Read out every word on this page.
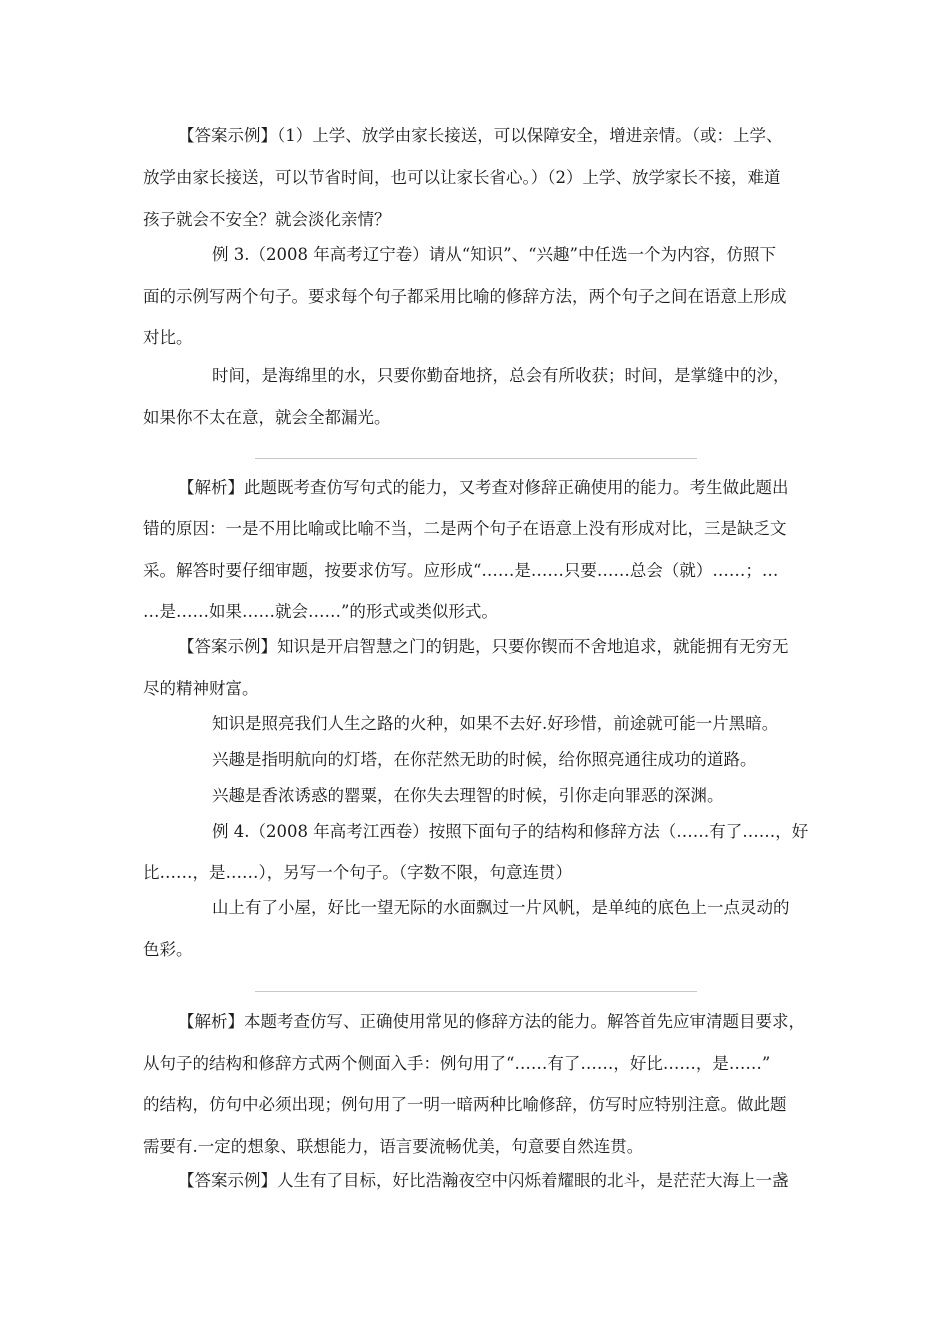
【答案示例】（1）上学、放学由家长接送，可以保障安全，增进亲情。（或：上学、
放学由家长接送，可以节省时间，也可以让家长省心。）（2）上学、放学家长不接，难道
孩子就会不安全？就会淡化亲情？
例 3.（2008 年高考辽宁卷）请从“知识”、“兴趣”中任选一个为内容，仿照下
面的示例写两个句子。要求每个句子都采用比喻的修辞方法，两个句子之间在语意上形成
对比。
时间，是海绵里的水，只要你勤奋地挤，总会有所收获；时间，是掌缝中的沙，
如果你不太在意，就会全都漏光。
【解析】此题既考查仿写句式的能力，又考查对修辞正确使用的能力。考生做此题出
错的原因：一是不用比喻或比喻不当，二是两个句子在语意上没有形成对比，三是缺乏文
采。解答时要仔细审题，按要求仿写。应形成“……是……只要……总会（就）……；…
…是……如果……就会……”的形式或类似形式。
【答案示例】知识是开启智慧之门的钥匙，只要你锲而不舍地追求，就能拥有无穷无
尽的精神财富。
知识是照亮我们人生之路的火种，如果不去好.好珍惜，前途就可能一片黑暗。
兴趣是指明航向的灯塔，在你茫然无助的时候，给你照亮通往成功的道路。
兴趣是香浓诱惑的罂粟，在你失去理智的时候，引你走向罪恶的深渊。
例 4.（2008 年高考江西卷）按照下面句子的结构和修辞方法（……有了……，好
比……，是……），另写一个句子。（字数不限，句意连贯）
山上有了小屋，好比一望无际的水面飘过一片风帆，是单纯的底色上一点灵动的
色彩。
【解析】本题考查仿写、正确使用常见的修辞方法的能力。解答首先应审清题目要求，
从句子的结构和修辞方式两个侧面入手：例句用了“……有了……，好比……，是……”
的结构，仿句中必须出现；例句用了一明一暗两种比喻修辞，仿写时应特别注意。做此题
需要有.一定的想象、联想能力，语言要流畅优美，句意要自然连贯。
【答案示例】人生有了目标，好比浩瀚夜空中闪烁着耀眼的北斗，是茫茫大海上一盏
